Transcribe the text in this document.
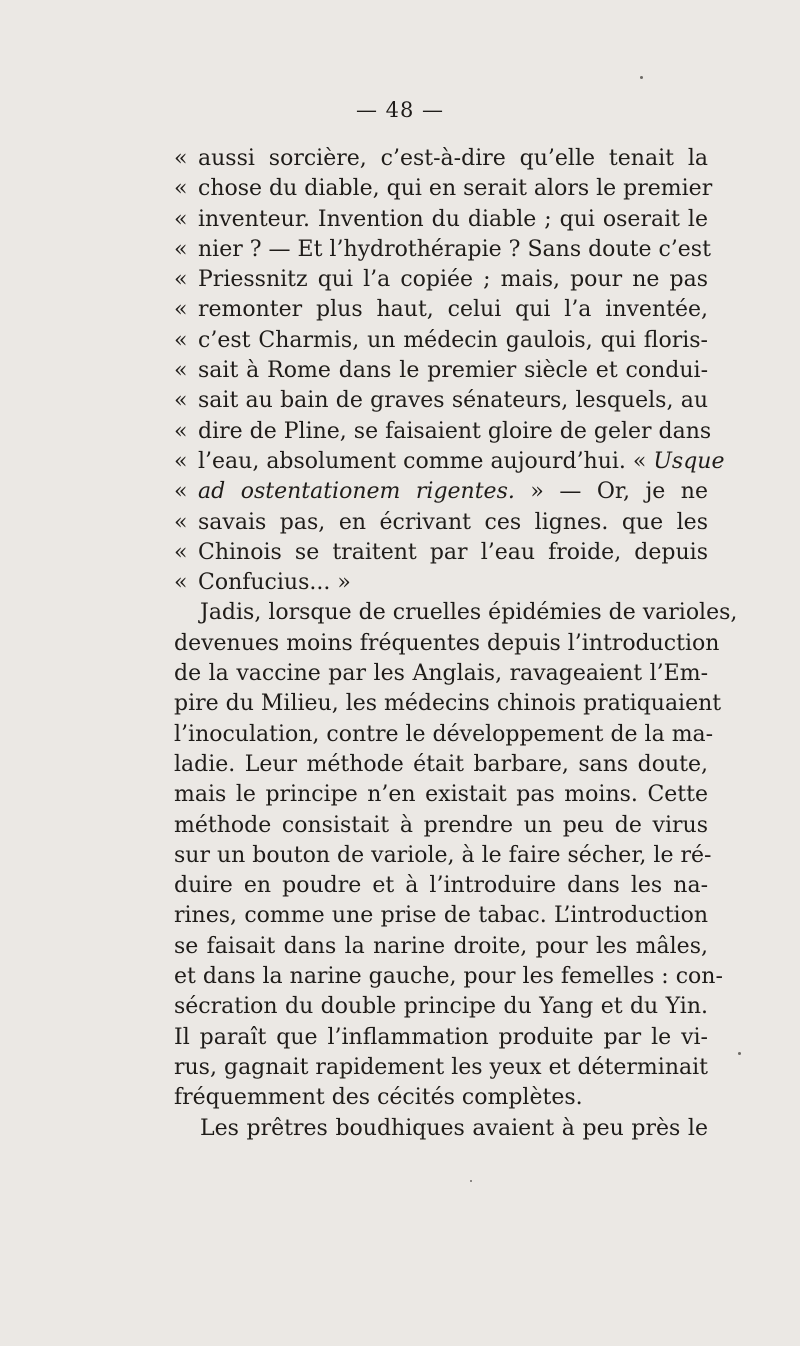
— 48 —
« aussi sorcière, c’est-à-dire qu’elle tenait la
« chose du diable, qui en serait alors le premier
« inventeur. Invention du diable ; qui oserait le
« nier ? — Et l’hydrothérapie ? Sans doute c’est
« Priessnitz qui l’a copiée ; mais, pour ne pas
« remonter plus haut, celui qui l’a inventée,
« c’est Charmis, un médecin gaulois, qui floris-
« sait à Rome dans le premier siècle et condui-
« sait au bain de graves sénateurs, lesquels, au
« dire de Pline, se faisaient gloire de geler dans
« l’eau, absolument comme aujourd’hui. « Usque
« ad ostentationem rigentes. » — Or, je ne
« savais pas, en écrivant ces lignes. que les
« Chinois se traitent par l’eau froide, depuis
« Confucius... »
Jadis, lorsque de cruelles épidémies de varioles,
devenues moins fréquentes depuis l’introduction
de la vaccine par les Anglais, ravageaient l’Em-
pire du Milieu, les médecins chinois pratiquaient
l’inoculation, contre le développement de la ma-
ladie. Leur méthode était barbare, sans doute,
mais le principe n’en existait pas moins. Cette
méthode consistait à prendre un peu de virus
sur un bouton de variole, à le faire sécher, le ré-
duire en poudre et à l’introduire dans les na-
rines, comme une prise de tabac. L’introduction
se faisait dans la narine droite, pour les mâles,
et dans la narine gauche, pour les femelles : con-
sécration du double principe du Yang et du Yin.
Il paraît que l’inflammation produite par le vi-
rus, gagnait rapidement les yeux et déterminait
fréquemment des cécités complètes.
Les prêtres boudhiques avaient à peu près le
